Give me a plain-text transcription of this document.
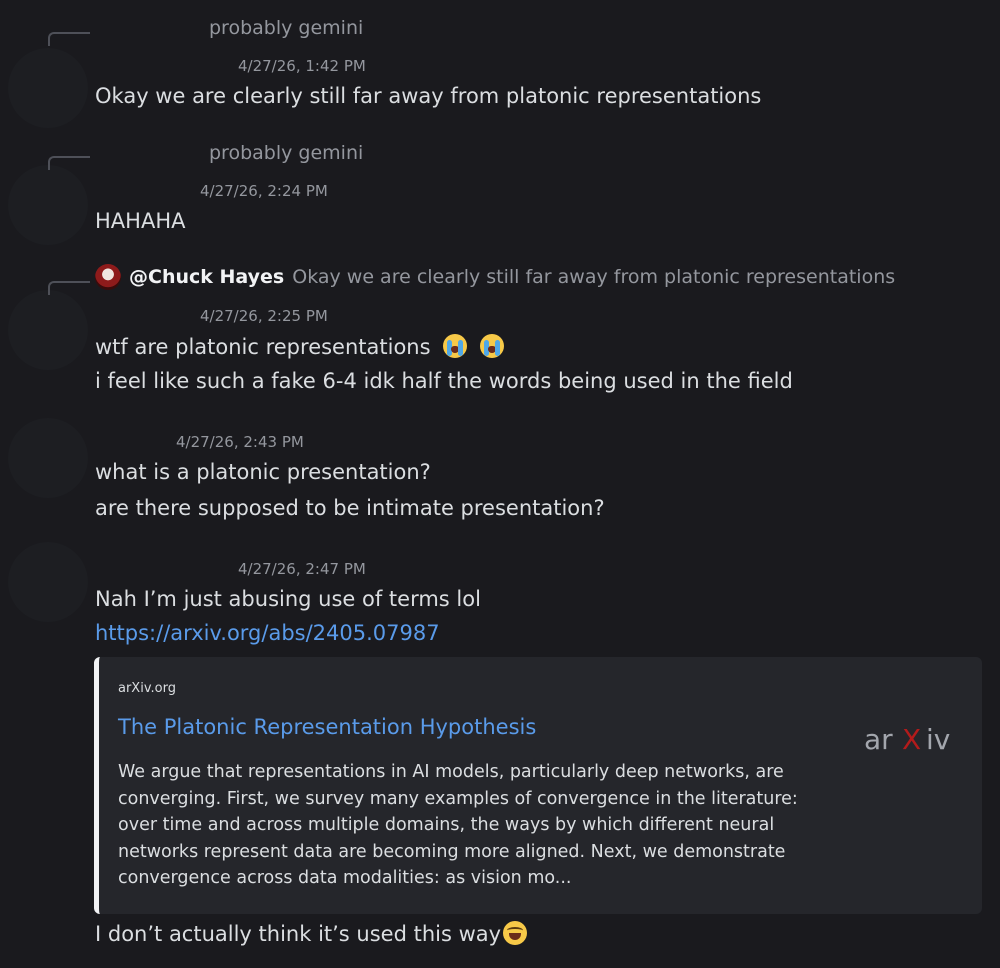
probably gemini
4/27/26, 1:42 PM
Okay we are clearly still far away from platonic representations
probably gemini
4/27/26, 2:24 PM
HAHAHA
@Chuck Hayes Okay we are clearly still far away from platonic representations
4/27/26, 2:25 PM
wtf are platonic representations

i feel like such a fake 6-4 idk half the words being used in the field
4/27/26, 2:43 PM
what is a platonic presentation?
are there supposed to be intimate presentation?
4/27/26, 2:47 PM
Nah I’m just abusing use of terms lol
https://arxiv.org/abs/2405.07987
arXiv.org
The Platonic Representation Hypothesis
We argue that representations in AI models, particularly deep networks, are converging. First, we survey many examples of convergence in the literature: over time and across multiple domains, the ways by which different neural networks represent data are becoming more aligned. Next, we demonstrate convergence across data modalities: as vision mo...
ar X iv
I don’t actually think it’s used this way
